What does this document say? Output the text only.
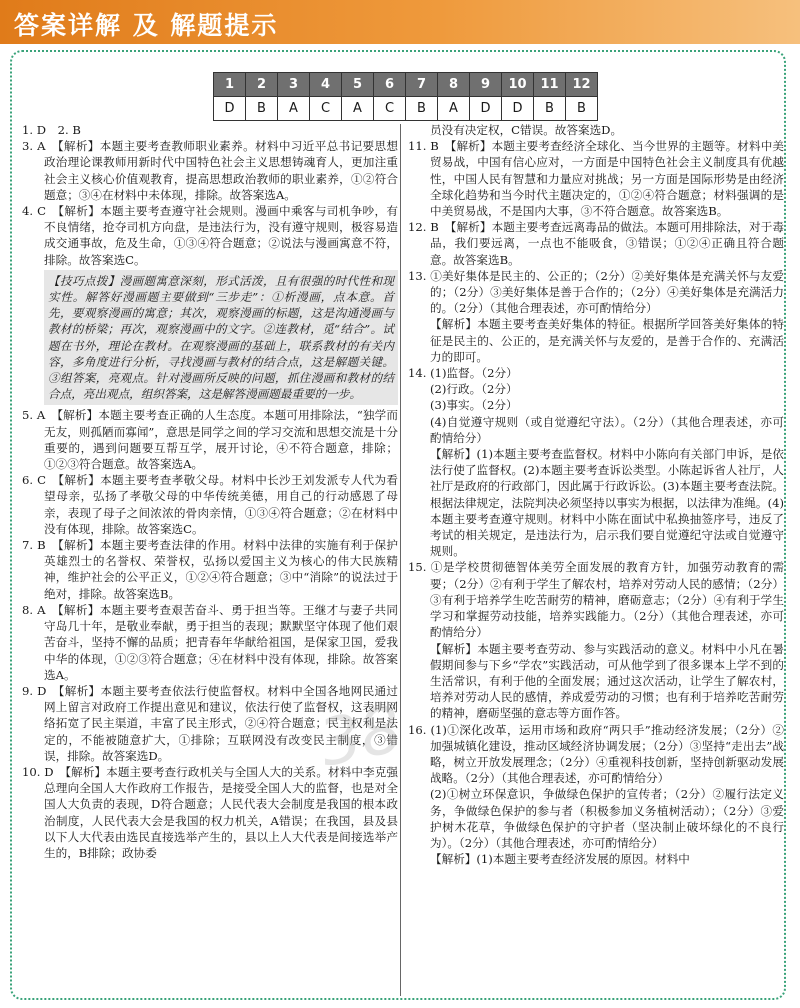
答案详解 及 解题提示
1	2	3	4	5	6	7	8	9	10	11	12
D	B	A	C	A	C	B	A	D	D	B	B

1. D　2. B

3. A　【解析】本题主要考查教师职业素养。材料中习近平总书记要思想政治理论课教师用新时代中国特色社会主义思想铸魂育人，更加注重社会主义核心价值观教育，提高思想政治教师的职业素养，①②符合题意；③④在材料中未体现，排除。故答案选A。

4. C　【解析】本题主要考查遵守社会规则。漫画中乘客与司机争吵，有不良情绪，抢夺司机方向盘，是违法行为，没有遵守规则，极容易造成交通事故，危及生命，①③④符合题意；②说法与漫画寓意不符，排除。故答案选C。

【技巧点拨】漫画题寓意深刻，形式活泼，且有很强的时代性和现实性。解答好漫画题主要做到“三步走”：①析漫画，点本意。首先，要观察漫画的寓意；其次，观察漫画的标题，这是沟通漫画与教材的桥梁；再次，观察漫画中的文字。②连教材，觅“结合”。试题在书外，理论在教材。在观察漫画的基础上，联系教材的有关内容，多角度进行分析，寻找漫画与教材的结合点，这是解题关键。③组答案，亮观点。针对漫画所反映的问题，抓住漫画和教材的结合点，亮出观点，组织答案，这是解答漫画题最重要的一步。

5. A　【解析】本题主要考查正确的人生态度。本题可用排除法，“独学而无友，则孤陋而寡闻”，意思是同学之间的学习交流和思想交流是十分重要的，遇到问题要互帮互学，展开讨论，④不符合题意，排除；①②③符合题意。故答案选A。

6. C　【解析】本题主要考查孝敬父母。材料中长沙王刘发派专人代为看望母亲，弘扬了孝敬父母的中华传统美德，用自己的行动感恩了母亲，表现了母子之间浓浓的骨肉亲情，①③④符合题意；②在材料中没有体现，排除。故答案选C。

7. B　【解析】本题主要考查法律的作用。材料中法律的实施有利于保护英雄烈士的名誉权、荣誉权，弘扬以爱国主义为核心的伟大民族精神，维护社会的公平正义，①②④符合题意；③中“消除”的说法过于绝对，排除。故答案选B。

8. A　【解析】本题主要考查艰苦奋斗、勇于担当等。王继才与妻子共同守岛几十年，是敬业奉献，勇于担当的表现；默默坚守体现了他们艰苦奋斗，坚持不懈的品质；把青春年华献给祖国，是保家卫国，爱我中华的体现，①②③符合题意；④在材料中没有体现，排除。故答案选A。

9. D　【解析】本题主要考查依法行使监督权。材料中全国各地网民通过网上留言对政府工作提出意见和建议，依法行使了监督权，这表明网络拓宽了民主渠道，丰富了民主形式，②④符合题意；民主权利是法定的，不能被随意扩大，①排除；互联网没有改变民主制度，③错误，排除。故答案选D。

10. D　【解析】本题主要考查行政机关与全国人大的关系。材料中李克强总理向全国人大作政府工作报告，是接受全国人大的监督，也是对全国人大负责的表现，D符合题意；人民代表大会制度是我国的根本政治制度，人民代表大会是我国的权力机关，A错误；在我国，县及县以下人大代表由选民直接选举产生的，县以上人大代表是间接选举产生的，B排除；政协委

员没有决定权，C错误。故答案选D。

11. B　【解析】本题主要考查经济全球化、当今世界的主题等。材料中美贸易战，中国有信心应对，一方面是中国特色社会主义制度具有优越性，中国人民有智慧和力量应对挑战；另一方面是国际形势是由经济全球化趋势和当今时代主题决定的，①②④符合题意；材料强调的是中美贸易战，不是国内大事，③不符合题意。故答案选B。

12. B　【解析】本题主要考查远离毒品的做法。本题可用排除法，对于毒品，我们要远离，一点也不能吸食，③错误；①②④正确且符合题意。故答案选B。

13. ①美好集体是民主的、公正的；（2分）②美好集体是充满关怀与友爱的；（2分）③美好集体是善于合作的；（2分）④美好集体是充满活力的。（2分）（其他合理表述，亦可酌情给分）

【解析】本题主要考查美好集体的特征。根据所学回答美好集体的特征是民主的、公正的，是充满关怀与友爱的，是善于合作的、充满活力的即可。

14. (1)监督。（2分）

(2)行政。（2分）

(3)事实。（2分）

(4)自觉遵守规则（或自觉遵纪守法）。（2分）（其他合理表述，亦可酌情给分）

【解析】(1)本题主要考查监督权。材料中小陈向有关部门申诉，是依法行使了监督权。(2)本题主要考查诉讼类型。小陈起诉省人社厅，人社厅是政府的行政部门，因此属于行政诉讼。(3)本题主要考查法院。根据法律规定，法院判决必须坚持以事实为根据，以法律为准绳。(4)本题主要考查遵守规则。材料中小陈在面试中私换抽签序号，违反了考试的相关规定，是违法行为，启示我们要自觉遵纪守法或自觉遵守规则。

15. ①是学校贯彻德智体美劳全面发展的教育方针，加强劳动教育的需要；（2分）②有利于学生了解农村，培养对劳动人民的感情；（2分）③有利于培养学生吃苦耐劳的精神，磨砺意志；（2分）④有利于学生学习和掌握劳动技能，培养实践能力。（2分）（其他合理表述，亦可酌情给分）

【解析】本题主要考查劳动、参与实践活动的意义。材料中小凡在暑假期间参与下乡“学农”实践活动，可从他学到了很多课本上学不到的生活常识，有利于他的全面发展；通过这次活动，让学生了解农村，培养对劳动人民的感情，养成爱劳动的习惯；也有利于培养吃苦耐劳的精神，磨砺坚强的意志等方面作答。

16. (1)①深化改革，运用市场和政府“两只手”推动经济发展；（2分）②加强城镇化建设，推动区域经济协调发展；（2分）③坚持“走出去”战略，树立开放发展理念；（2分）④重视科技创新，坚持创新驱动发展战略。（2分）（其他合理表述，亦可酌情给分）

(2)①树立环保意识，争做绿色保护的宣传者；（2分）②履行法定义务，争做绿色保护的参与者（积极参加义务植树活动）；（2分）③爱护树木花草，争做绿色保护的守护者（坚决制止破坏绿化的不良行为）。（2分）（其他合理表述，亦可酌情给分）

【解析】(1)本题主要考查经济发展的原因。材料中

38
